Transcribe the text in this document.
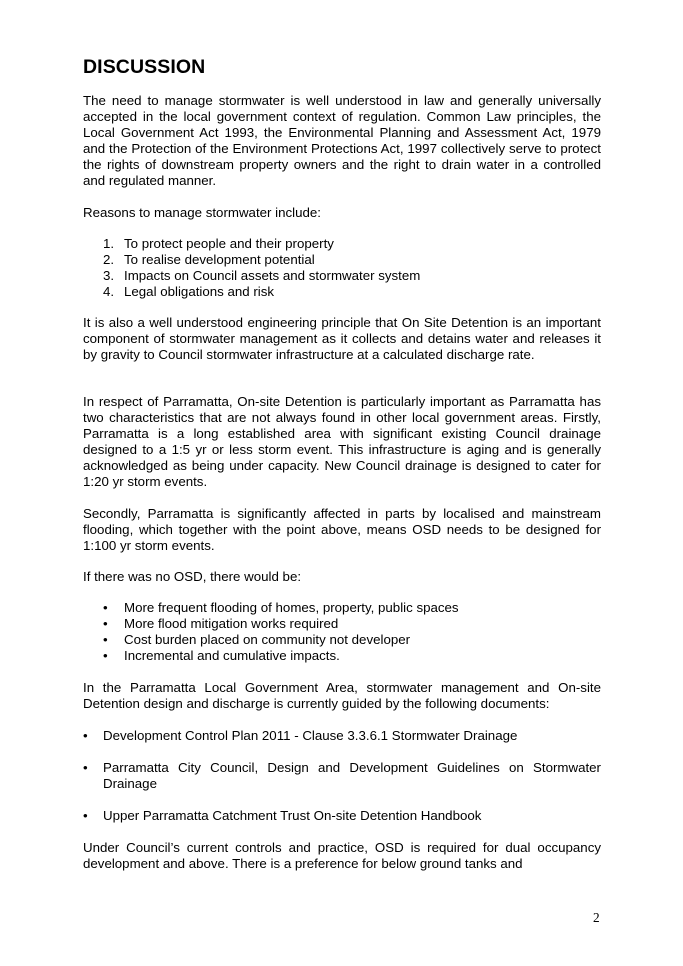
DISCUSSION

The need to manage stormwater is well understood in law and generally universally accepted in the local government context of regulation. Common Law principles, the Local Government Act 1993, the Environmental Planning and Assessment Act, 1979 and the Protection of the Environment Protections Act, 1997 collectively serve to protect the rights of downstream property owners and the right to drain water in a controlled and regulated manner.

Reasons to manage stormwater include:

1. To protect people and their property
2. To realise development potential
3. Impacts on Council assets and stormwater system
4. Legal obligations and risk

It is also a well understood engineering principle that On Site Detention is an important component of stormwater management as it collects and detains water and releases it by gravity to Council stormwater infrastructure at a calculated discharge rate.

In respect of Parramatta, On-site Detention is particularly important as Parramatta has two characteristics that are not always found in other local government areas. Firstly, Parramatta is a long established area with significant existing Council drainage designed to a 1:5 yr or less storm event. This infrastructure is aging and is generally acknowledged as being under capacity. New Council drainage is designed to cater for 1:20 yr storm events.

Secondly, Parramatta is significantly affected in parts by localised and mainstream flooding, which together with the point above, means OSD needs to be designed for 1:100 yr storm events.

If there was no OSD, there would be:

• More frequent flooding of homes, property, public spaces
• More flood mitigation works required
• Cost burden placed on community not developer
• Incremental and cumulative impacts.

In the Parramatta Local Government Area, stormwater management and On-site Detention design and discharge is currently guided by the following documents:

• Development Control Plan 2011 - Clause 3.3.6.1 Stormwater Drainage
• Parramatta City Council, Design and Development Guidelines on Stormwater Drainage
• Upper Parramatta Catchment Trust On-site Detention Handbook

Under Council’s current controls and practice, OSD is required for dual occupancy development and above. There is a preference for below ground tanks and

2
